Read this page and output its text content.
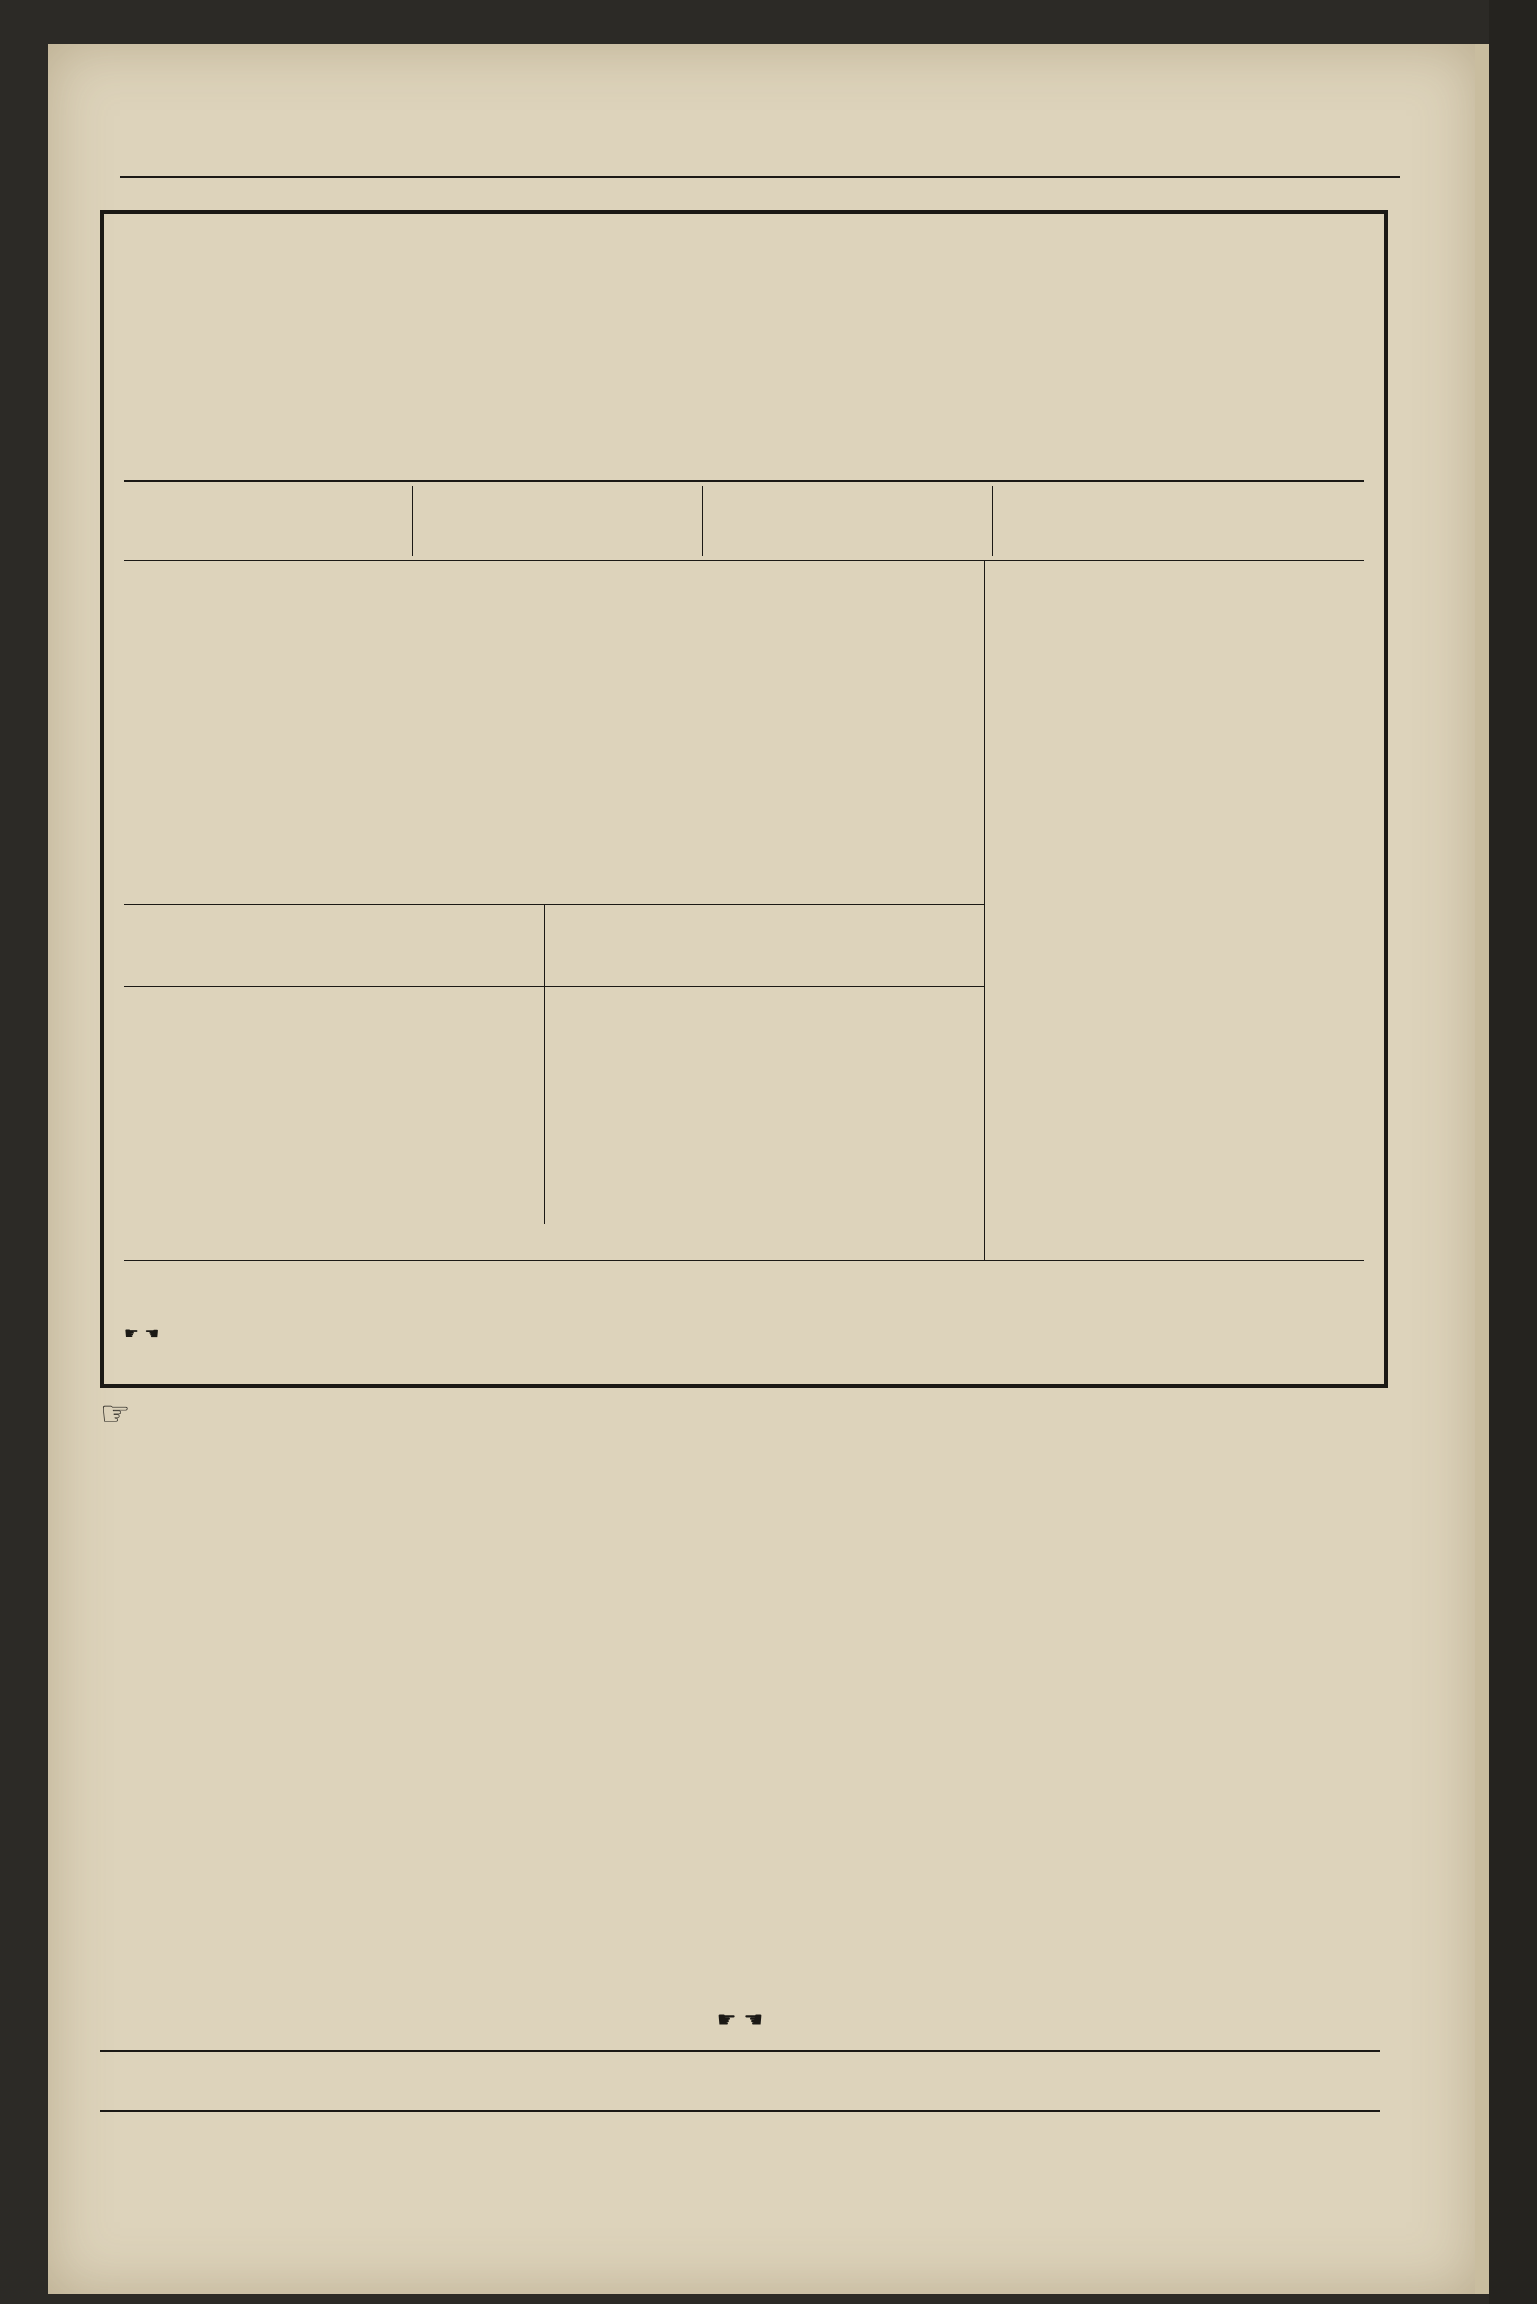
☛ ☚
☞
☛ ☚
